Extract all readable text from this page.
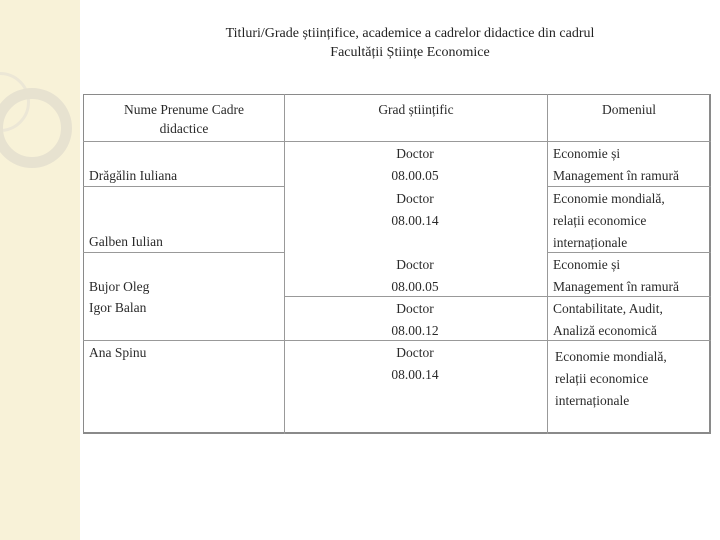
Titluri/Grade științifice, academice a cadrelor didactice din cadrul
Facultății Științe Economice
Nume Prenume Cadre didactice
Grad științific	Domeniul
Drăgălin Iuliana
Galben Iulian
Bujor Oleg
Igor Balan
Ana Spinu
Doctor
08.00.05
Doctor
08.00.14
Doctor
08.00.05
Doctor
08.00.12
Doctor
08.00.14
Economie și
Management în ramură
Economie mondială,
relații economice
internaționale
Economie și
Management în ramură
Contabilitate, Audit,
Analiză economică
Economie mondială,
relații economice
internaționale
